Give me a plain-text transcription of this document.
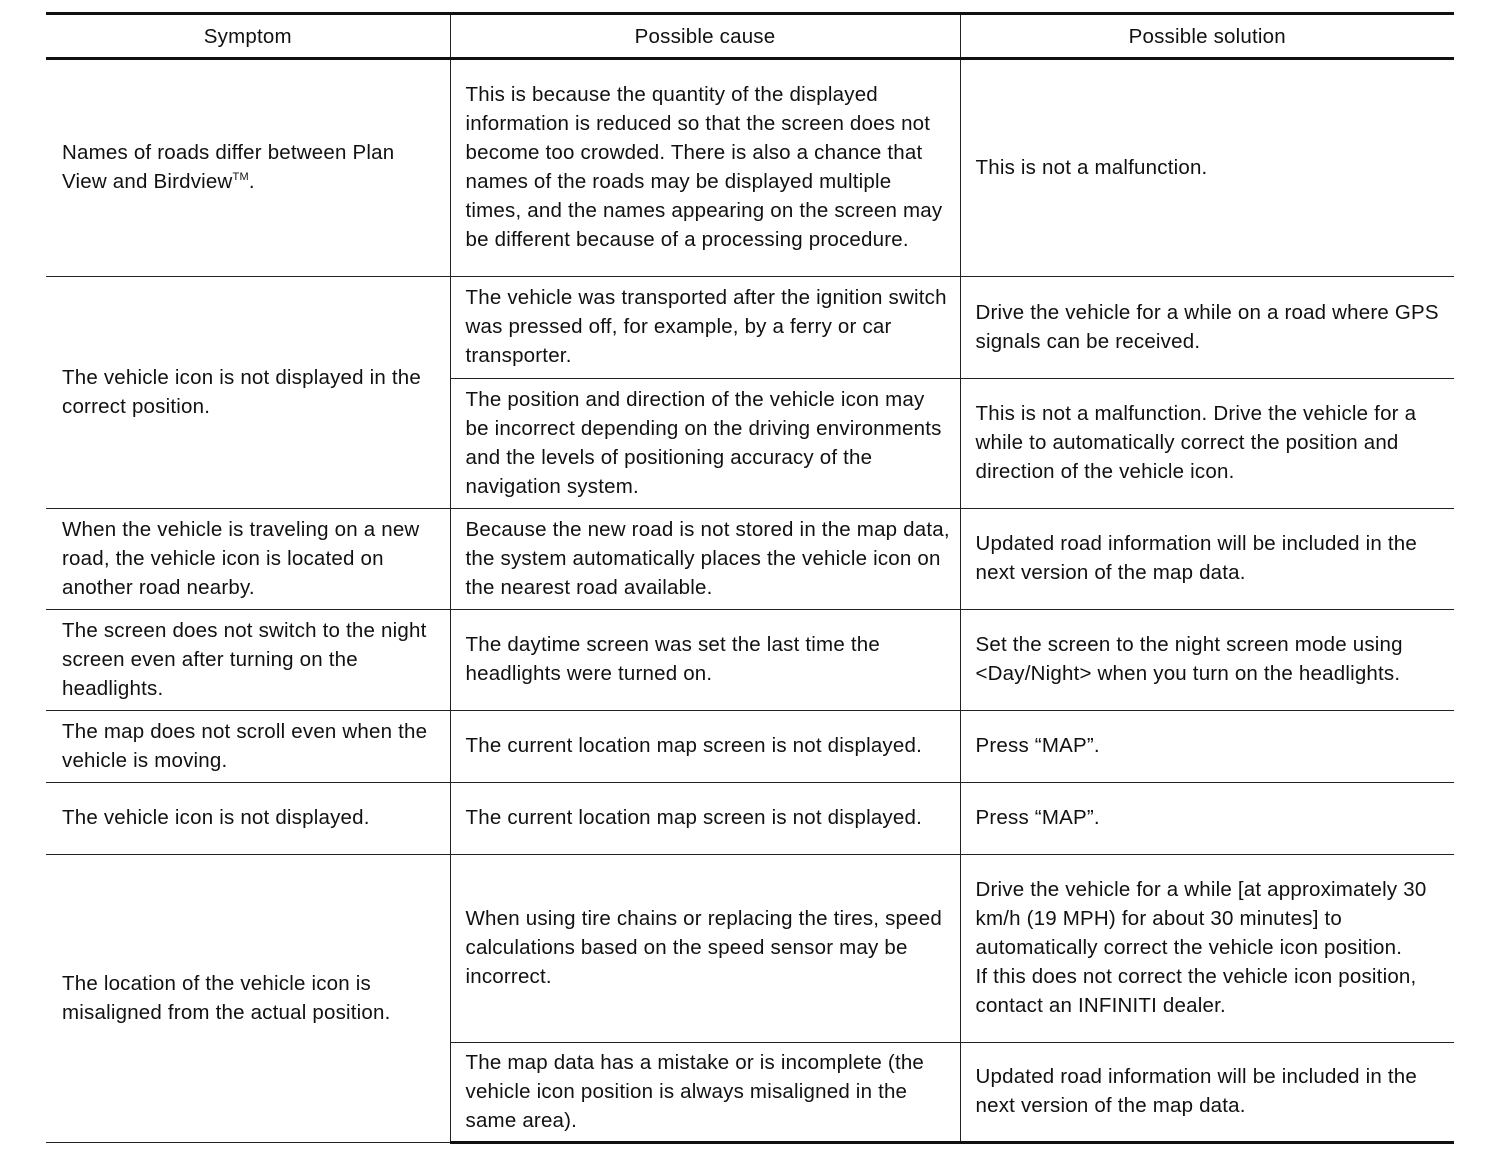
Symptom	Possible cause	Possible solution
Names of roads differ between Plan View and Birdview™.	This is because the quantity of the displayed information is reduced so that the screen does not become too crowded. There is also a chance that names of the roads may be displayed multiple times, and the names appearing on the screen may be different because of a processing procedure.	This is not a malfunction.
The vehicle icon is not displayed in the correct position.	The vehicle was transported after the ignition switch was pressed off, for example, by a ferry or car transporter.	Drive the vehicle for a while on a road where GPS signals can be received.
	The position and direction of the vehicle icon may be incorrect depending on the driving environments and the levels of positioning accuracy of the navigation system.	This is not a malfunction. Drive the vehicle for a while to automatically correct the position and direction of the vehicle icon.
When the vehicle is traveling on a new road, the vehicle icon is located on another road nearby.	Because the new road is not stored in the map data, the system automatically places the vehicle icon on the nearest road available.	Updated road information will be included in the next version of the map data.
The screen does not switch to the night screen even after turning on the headlights.	The daytime screen was set the last time the headlights were turned on.	Set the screen to the night screen mode using <Day/Night> when you turn on the headlights.
The map does not scroll even when the vehicle is moving.	The current location map screen is not displayed.	Press “MAP”.
The vehicle icon is not displayed.	The current location map screen is not displayed.	Press “MAP”.
The location of the vehicle icon is misaligned from the actual position.	When using tire chains or replacing the tires, speed calculations based on the speed sensor may be incorrect.	Drive the vehicle for a while [at approximately 30 km/h (19 MPH) for about 30 minutes] to automatically correct the vehicle icon position.
If this does not correct the vehicle icon position, contact an INFINITI dealer.

	The map data has a mistake or is incomplete (the vehicle icon position is always misaligned in the same area).	Updated road information will be included in the next version of the map data.
